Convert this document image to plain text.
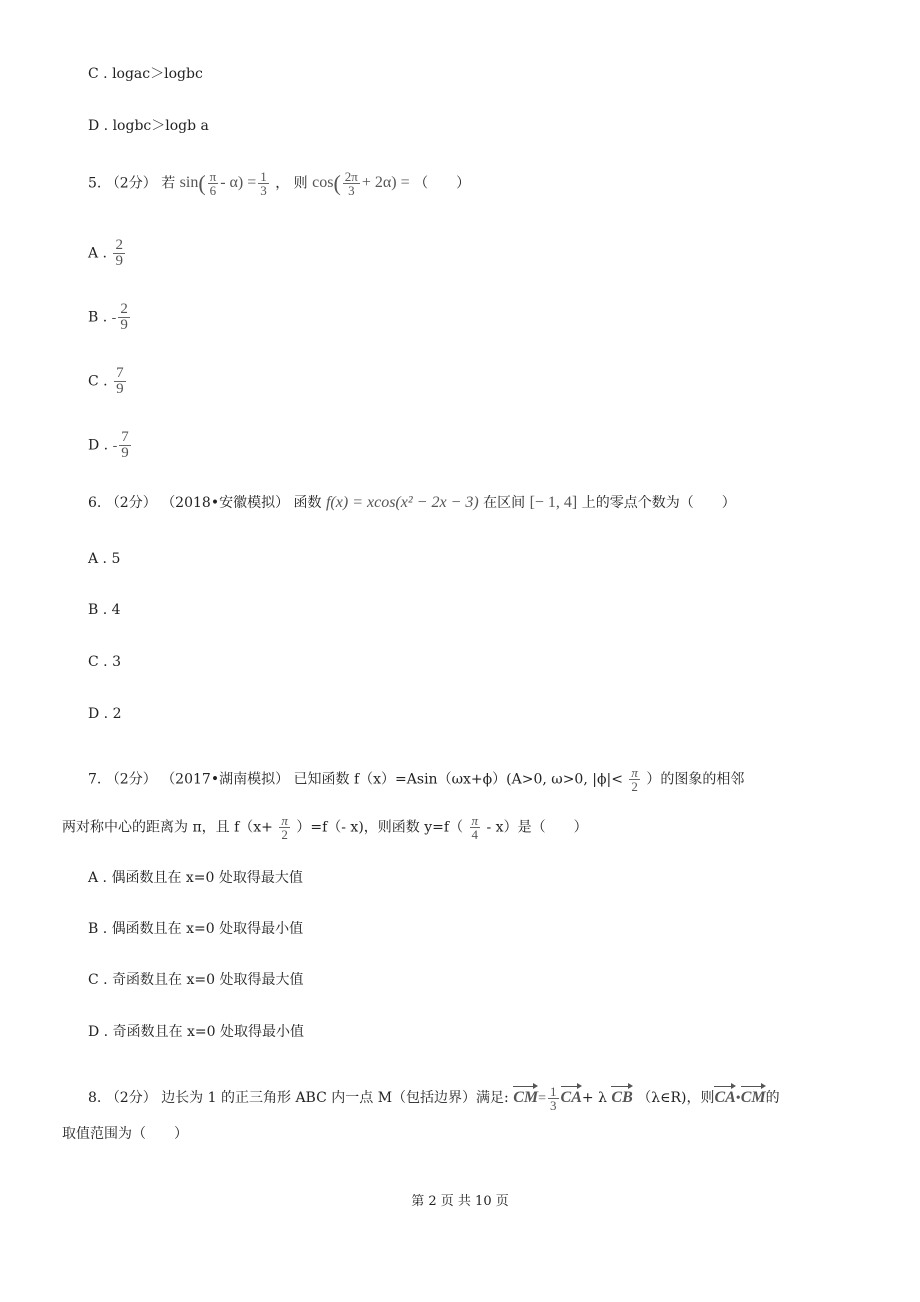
C . logac＞logbc
D . logbc＞logb a
5. （2分） 若 $\sin( \frac{\pi}{6} - \alpha) = \frac{1}{3}$ ， 则 $\cos( \frac{2\pi}{3} + 2\alpha)$ = （　　）
A . $\frac{2}{9}$
B . - $\frac{2}{9}$
C . $\frac{7}{9}$
D . - $\frac{7}{9}$
6. （2分） （2018•安徽模拟） 函数 f(x) = xcos(x² − 2x − 3) 在区间 [− 1, 4] 上的零点个数为（　　）
A . 5
B . 4
C . 3
D . 2
7. （2分） （2017•湖南模拟） 已知函数 f（x）=Asin（ωx+ϕ）(A>0, ω>0, $|\phi|< \frac{\pi}{2}$ ）的图象的相邻
两对称中心的距离为 π，且 $f(x+ \frac{\pi}{2} )=f(-$ x)，则函数 $y=f( \frac{\pi}{4} - x)$是（　　）
A . 偶函数且在 x=0 处取得最大值
B . 偶函数且在 x=0 处取得最小值
C . 奇函数且在 x=0 处取得最大值
D . 奇函数且在 x=0 处取得最小值
8. （2分） 边长为 1 的正三角形 ABC 内一点 M（包括边界）满足: $CM= \frac{1}{3} CA+ \lambda$ CB （λ∈R)，则CA•CM的
取值范围为（　　）
第 2 页 共 10 页
